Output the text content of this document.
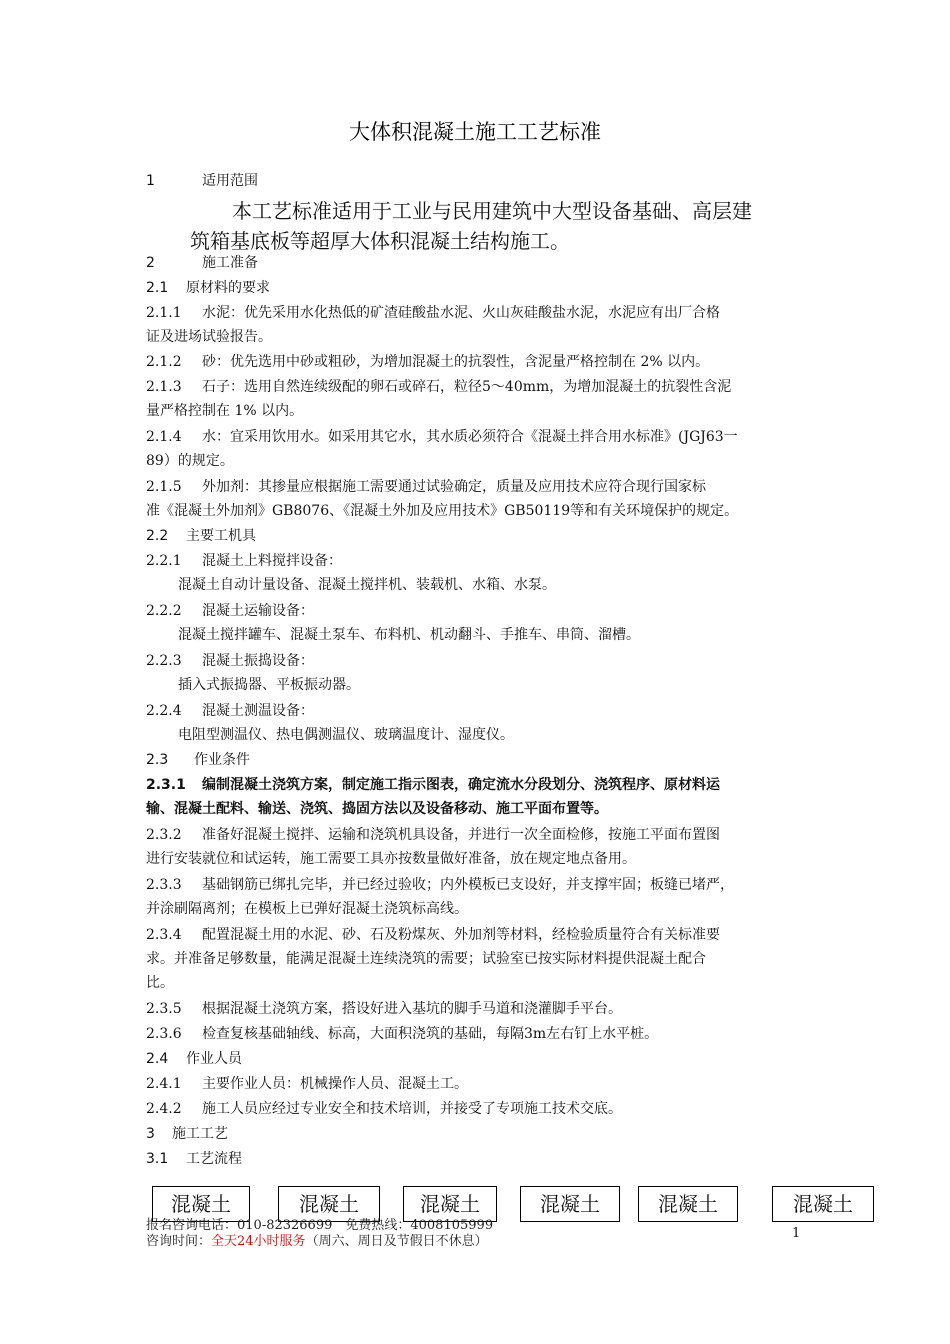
大体积混凝土施工工艺标准
1	适用范围
本工艺标准适用于工业与民用建筑中大型设备基础、高层建
筑箱基底板等超厚大体积混凝土结构施工。
2	施工准备
2.1 原材料的要求
2.1.1 水泥：优先采用水化热低的矿渣硅酸盐水泥、火山灰硅酸盐水泥，水泥应有出厂合格
证及进场试验报告。
2.1.2 砂：优先选用中砂或粗砂，为增加混凝土的抗裂性，含泥量严格控制在 2% 以内。
2.1.3 石子：选用自然连续级配的卵石或碎石，粒径5～40mm，为增加混凝土的抗裂性含泥
量严格控制在 1% 以内。
2.1.4 水：宜采用饮用水。如采用其它水，其水质必须符合《混凝土拌合用水标准》(JGJ63一
89）的规定。
2.1.5 外加剂：其掺量应根据施工需要通过试验确定，质量及应用技术应符合现行国家标
准《混凝土外加剂》GB8076、《混凝土外加及应用技术》GB50119等和有关环境保护的规定。
2.2 主要工机具
2.2.1 混凝土上料搅拌设备：
混凝土自动计量设备、混凝土搅拌机、装载机、水箱、水泵。
2.2.2 混凝土运输设备：
混凝土搅拌罐车、混凝土泵车、布料机、机动翻斗、手推车、串筒、溜槽。
2.2.3 混凝土振捣设备：
插入式振捣器、平板振动器。
2.2.4 混凝土测温设备：
电阻型测温仪、热电偶测温仪、玻璃温度计、湿度仪。
2.3 作业条件
2.3.1 编制混凝土浇筑方案，制定施工指示图表，确定流水分段划分、浇筑程序、原材料运
输、混凝土配料、输送、浇筑、捣固方法以及设备移动、施工平面布置等。
2.3.2 准备好混凝土搅拌、运输和浇筑机具设备，并进行一次全面检修，按施工平面布置图
进行安装就位和试运转，施工需要工具亦按数量做好准备，放在规定地点备用。
2.3.3 基础钢筋已绑扎完毕，并已经过验收；内外模板已支设好，并支撑牢固；板缝已堵严，
并涂刷隔离剂；在模板上已弹好混凝土浇筑标高线。
2.3.4 配置混凝土用的水泥、砂、石及粉煤灰、外加剂等材料，经检验质量符合有关标准要
求。并准备足够数量，能满足混凝土连续浇筑的需要；试验室已按实际材料提供混凝土配合
比。
2.3.5 根据混凝土浇筑方案，搭设好进入基坑的脚手马道和浇灌脚手平台。
2.3.6 检查复核基础轴线、标高，大面积浇筑的基础，每隔3m左右钉上水平桩。
2.4 作业人员
2.4.1 主要作业人员：机械操作人员、混凝土工。
2.4.2 施工人员应经过专业安全和技术培训，并接受了专项施工技术交底。
3 施工工艺
3.1 工艺流程
混凝土	混凝土	混凝土	混凝土	混凝土	混凝土
报名咨询电话：010-82326699　免费热线：4008105999
咨询时间：全天24小时服务（周六、周日及节假日不休息）
1
